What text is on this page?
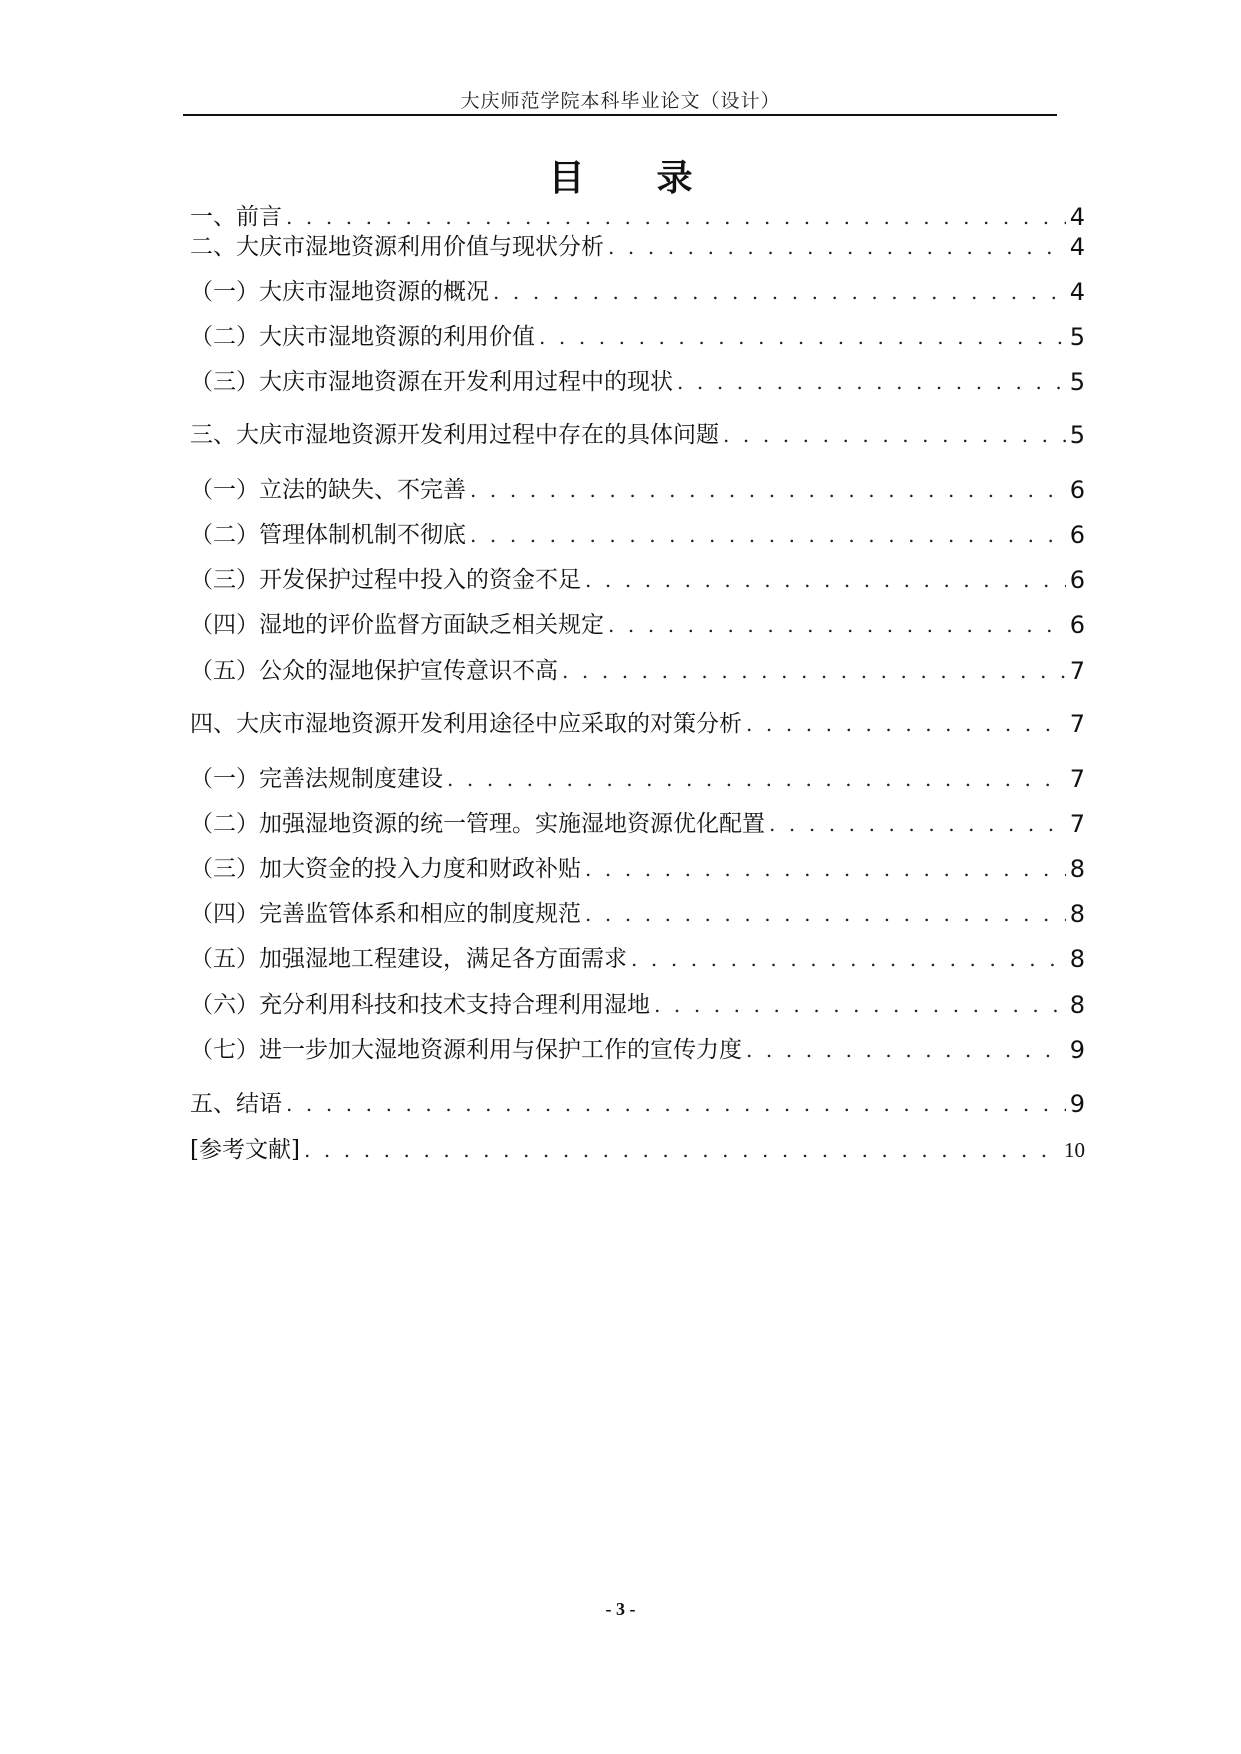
大庆师范学院本科毕业论文（设计）
目 录
一、前言 . . .	4
二、大庆市湿地资源利用价值与现状分析 . . .	4
（一）大庆市湿地资源的概况 . . .	4
（二）大庆市湿地资源的利用价值 . . .	5
（三）大庆市湿地资源在开发利用过程中的现状 . . .	5
三、大庆市湿地资源开发利用过程中存在的具体问题 . . .	5
（一）立法的缺失、不完善 . . .	6
（二）管理体制机制不彻底 . . .	6
（三）开发保护过程中投入的资金不足 . . .	6
（四）湿地的评价监督方面缺乏相关规定 . . .	6
（五）公众的湿地保护宣传意识不高 . . .	7
四、大庆市湿地资源开发利用途径中应采取的对策分析 . . .	7
（一）完善法规制度建设 . . .	7
（二）加强湿地资源的统一管理。实施湿地资源优化配置 . . .	7
（三）加大资金的投入力度和财政补贴 . . .	8
（四）完善监管体系和相应的制度规范 . . .	8
（五）加强湿地工程建设，满足各方面需求 . . .	8
（六）充分利用科技和技术支持合理利用湿地 . . .	8
（七）进一步加大湿地资源利用与保护工作的宣传力度 . . .	9
五、结语 . . .	9
[参考文献] . . .	10
- 3 -
